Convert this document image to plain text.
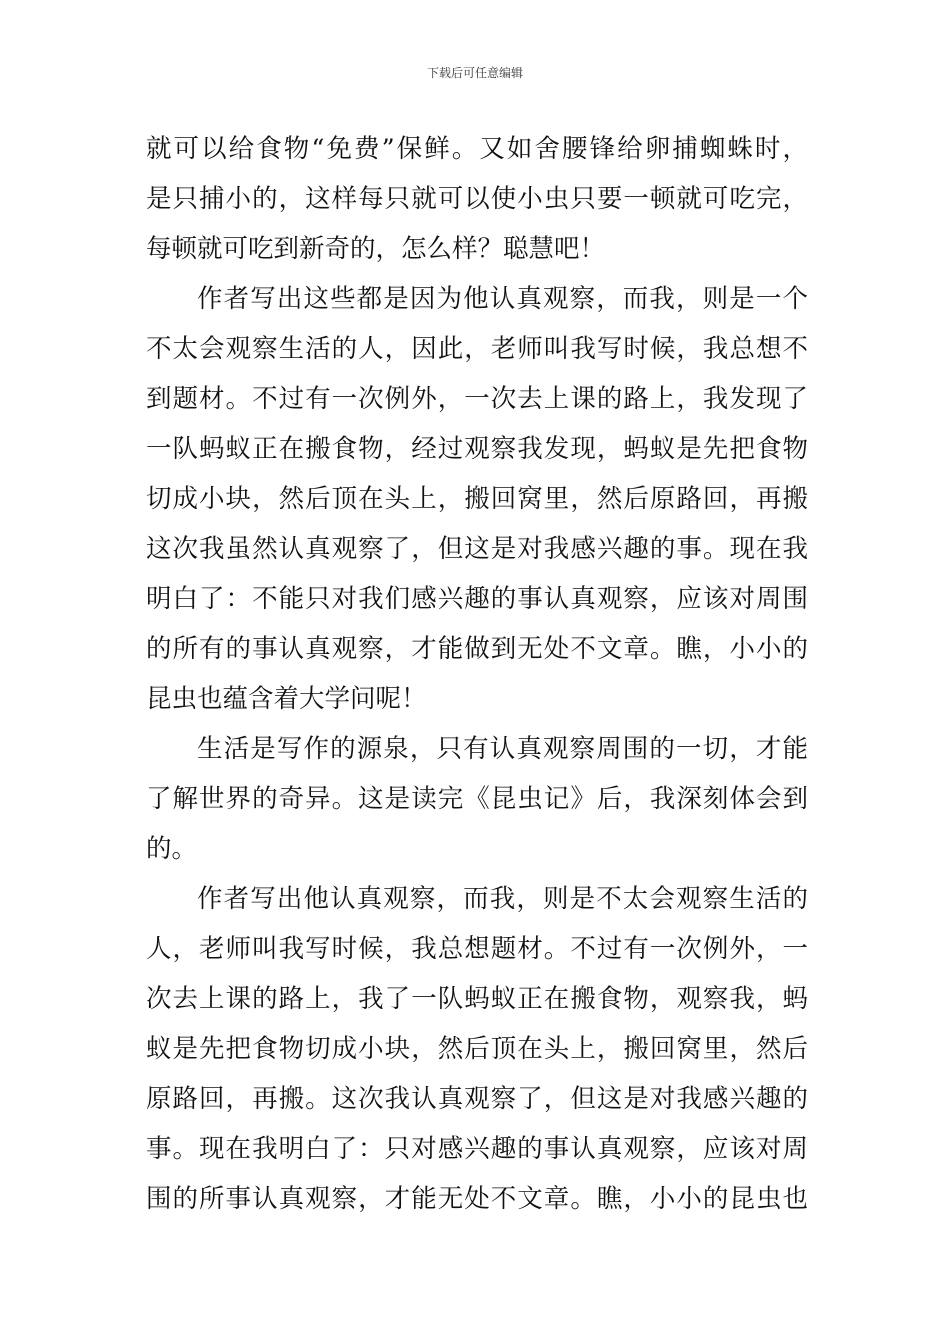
下载后可任意编辑
就可以给食物“免费”保鲜。又如舍腰锋给卵捕蜘蛛时，
是只捕小的，这样每只就可以使小虫只要一顿就可吃完，
每顿就可吃到新奇的，怎么样？聪慧吧！
作者写出这些都是因为他认真观察，而我，则是一个
不太会观察生活的人，因此，老师叫我写时候，我总想不
到题材。不过有一次例外，一次去上课的路上，我发现了
一队蚂蚁正在搬食物，经过观察我发现，蚂蚁是先把食物
切成小块，然后顶在头上，搬回窝里，然后原路回，再搬
这次我虽然认真观察了，但这是对我感兴趣的事。现在我
明白了：不能只对我们感兴趣的事认真观察，应该对周围
的所有的事认真观察，才能做到无处不文章。瞧，小小的
昆虫也蕴含着大学问呢！
生活是写作的源泉，只有认真观察周围的一切，才能
了解世界的奇异。这是读完《昆虫记》后，我深刻体会到
的。
作者写出他认真观察，而我，则是不太会观察生活的
人，老师叫我写时候，我总想题材。不过有一次例外，一
次去上课的路上，我了一队蚂蚁正在搬食物，观察我，蚂
蚁是先把食物切成小块，然后顶在头上，搬回窝里，然后
原路回，再搬。这次我认真观察了，但这是对我感兴趣的
事。现在我明白了：只对感兴趣的事认真观察，应该对周
围的所事认真观察，才能无处不文章。瞧，小小的昆虫也
